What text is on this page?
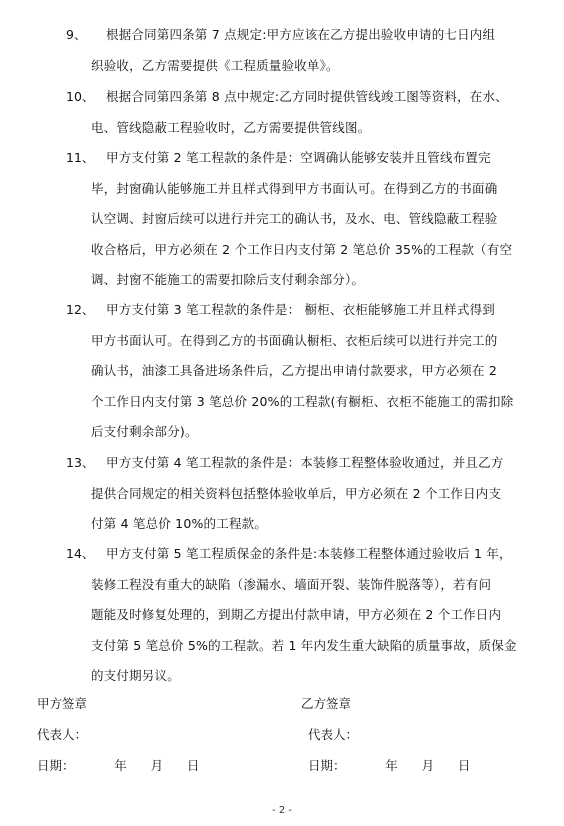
9、	根据合同第四条第 7 点规定:甲方应该在乙方提出验收申请的七日内组
织验收，乙方需要提供《工程质量验收单》。
10、 根据合同第四条第 8 点中规定:乙方同时提供管线竣工图等资料，在水、
电、管线隐蔽工程验收时，乙方需要提供管线图。
11、 甲方支付第 2 笔工程款的条件是：空调确认能够安装并且管线布置完
毕，封窗确认能够施工并且样式得到甲方书面认可。在得到乙方的书面确
认空调、封窗后续可以进行并完工的确认书，及水、电、管线隐蔽工程验
收合格后，甲方必须在 2 个工作日内支付第 2 笔总价 35%的工程款（有空
调、封窗不能施工的需要扣除后支付剩余部分）。
12、 甲方支付第 3 笔工程款的条件是： 橱柜、衣柜能够施工并且样式得到
甲方书面认可。在得到乙方的书面确认橱柜、衣柜后续可以进行并完工的
确认书，油漆工具备进场条件后，乙方提出申请付款要求，甲方必须在 2
个工作日内支付第 3 笔总价 20%的工程款(有橱柜、衣柜不能施工的需扣除
后支付剩余部分)。
13、 甲方支付第 4 笔工程款的条件是：本装修工程整体验收通过，并且乙方
提供合同规定的相关资料包括整体验收单后，甲方必须在 2 个工作日内支
付第 4 笔总价 10%的工程款。
14、 甲方支付第 5 笔工程质保金的条件是:本装修工程整体通过验收后 1 年，
装修工程没有重大的缺陷（渗漏水、墙面开裂、装饰件脱落等），若有问
题能及时修复处理的，到期乙方提出付款申请，甲方必须在 2 个工作日内
支付第 5 笔总价 5%的工程款。若 1 年内发生重大缺陷的质量事故，质保金
的支付期另议。
甲方签章	乙方签章
代表人：	代表人：
日期：          年      月      日	日期：          年      月      日
- 2 -
